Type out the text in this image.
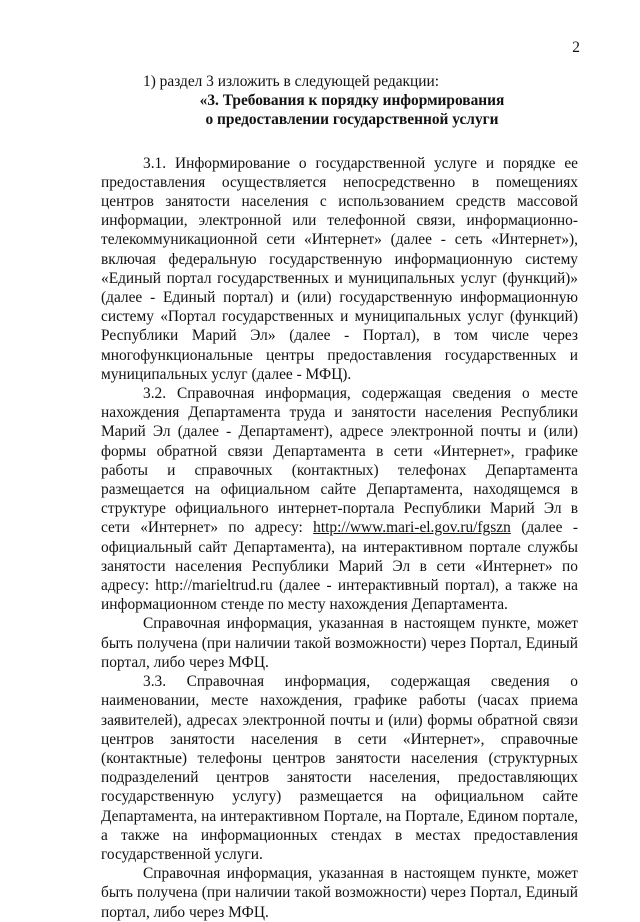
2

1) раздел 3 изложить в следующей редакции:

«3. Требования к порядку информирования

о предоставлении государственной услуги

3.1. Информирование о государственной услуге и порядке ее предоставления осуществляется непосредственно в помещениях центров занятости населения с использованием средств массовой информации, электронной или телефонной связи, информационно-телекоммуникационной сети «Интернет» (далее - сеть «Интернет»), включая федеральную государственную информационную систему «Единый портал государственных и муниципальных услуг (функций)» (далее - Единый портал) и (или) государственную информационную систему «Портал государственных и муниципальных услуг (функций) Республики Марий Эл» (далее - Портал), в том числе через многофункциональные центры предоставления государственных и муниципальных услуг (далее - МФЦ).

3.2. Справочная информация, содержащая сведения о месте нахождения Департамента труда и занятости населения Республики Марий Эл (далее - Департамент), адресе электронной почты и (или) формы обратной связи Департамента в сети «Интернет», графике работы и справочных (контактных) телефонах Департамента размещается на официальном сайте Департамента, находящемся в структуре официального интернет-портала Республики Марий Эл в сети «Интернет» по адресу: http://www.mari-el.gov.ru/fgszn (далее - официальный сайт Департамента), на интерактивном портале службы занятости населения Республики Марий Эл в сети «Интернет» по адресу: http://marieltrud.ru (далее - интерактивный портал), а также на информационном стенде по месту нахождения Департамента.

Справочная информация, указанная в настоящем пункте, может быть получена (при наличии такой возможности) через Портал, Единый портал, либо через МФЦ.

3.3. Справочная информация, содержащая сведения о наименовании, месте нахождения, графике работы (часах приема заявителей), адресах электронной почты и (или) формы обратной связи центров занятости населения в сети «Интернет», справочные (контактные) телефоны центров занятости населения (структурных подразделений центров занятости населения, предоставляющих государственную услугу) размещается на официальном сайте Департамента, на интерактивном Портале, на Портале, Едином портале, а также на информационных стендах в местах предоставления государственной услуги.

Справочная информация, указанная в настоящем пункте, может быть получена (при наличии такой возможности) через Портал, Единый портал, либо через МФЦ.
